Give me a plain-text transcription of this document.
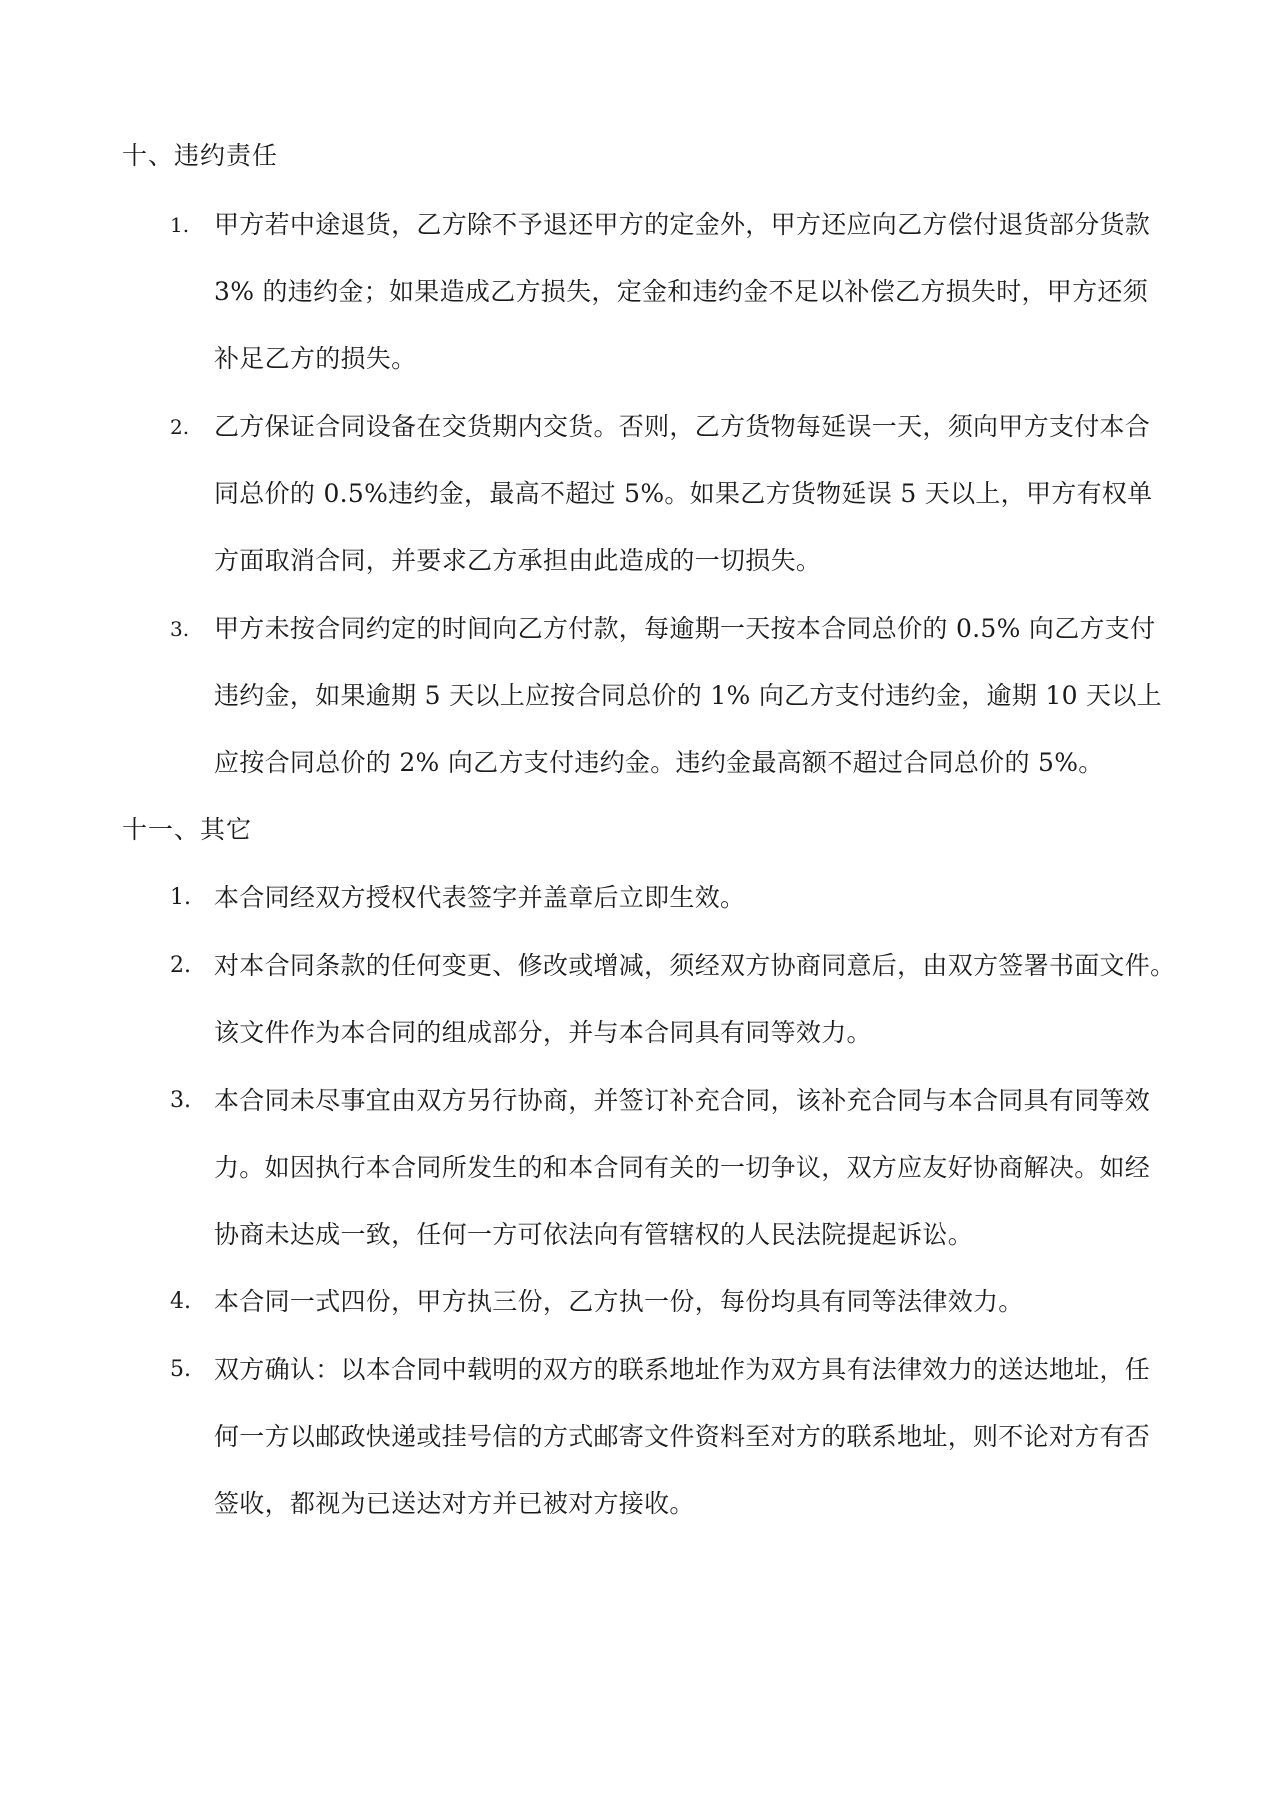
十、违约责任
1. 甲方若中途退货，乙方除不予退还甲方的定金外，甲方还应向乙方偿付退货部分货款
3% 的违约金；如果造成乙方损失，定金和违约金不足以补偿乙方损失时，甲方还须
补足乙方的损失。
2. 乙方保证合同设备在交货期内交货。否则，乙方货物每延误一天，须向甲方支付本合
同总价的 0.5%违约金，最高不超过 5%。如果乙方货物延误 5 天以上，甲方有权单
方面取消合同，并要求乙方承担由此造成的一切损失。
3. 甲方未按合同约定的时间向乙方付款，每逾期一天按本合同总价的 0.5% 向乙方支付
违约金，如果逾期 5 天以上应按合同总价的 1% 向乙方支付违约金，逾期 10 天以上
应按合同总价的 2% 向乙方支付违约金。违约金最高额不超过合同总价的 5%。
十一、其它
1. 本合同经双方授权代表签字并盖章后立即生效。
2. 对本合同条款的任何变更、修改或增减，须经双方协商同意后，由双方签署书面文件。
该文件作为本合同的组成部分，并与本合同具有同等效力。
3. 本合同未尽事宜由双方另行协商，并签订补充合同，该补充合同与本合同具有同等效
力。如因执行本合同所发生的和本合同有关的一切争议，双方应友好协商解决。如经
协商未达成一致，任何一方可依法向有管辖权的人民法院提起诉讼。
4. 本合同一式四份，甲方执三份，乙方执一份，每份均具有同等法律效力。
5. 双方确认：以本合同中载明的双方的联系地址作为双方具有法律效力的送达地址，任
何一方以邮政快递或挂号信的方式邮寄文件资料至对方的联系地址，则不论对方有否
签收，都视为已送达对方并已被对方接收。
